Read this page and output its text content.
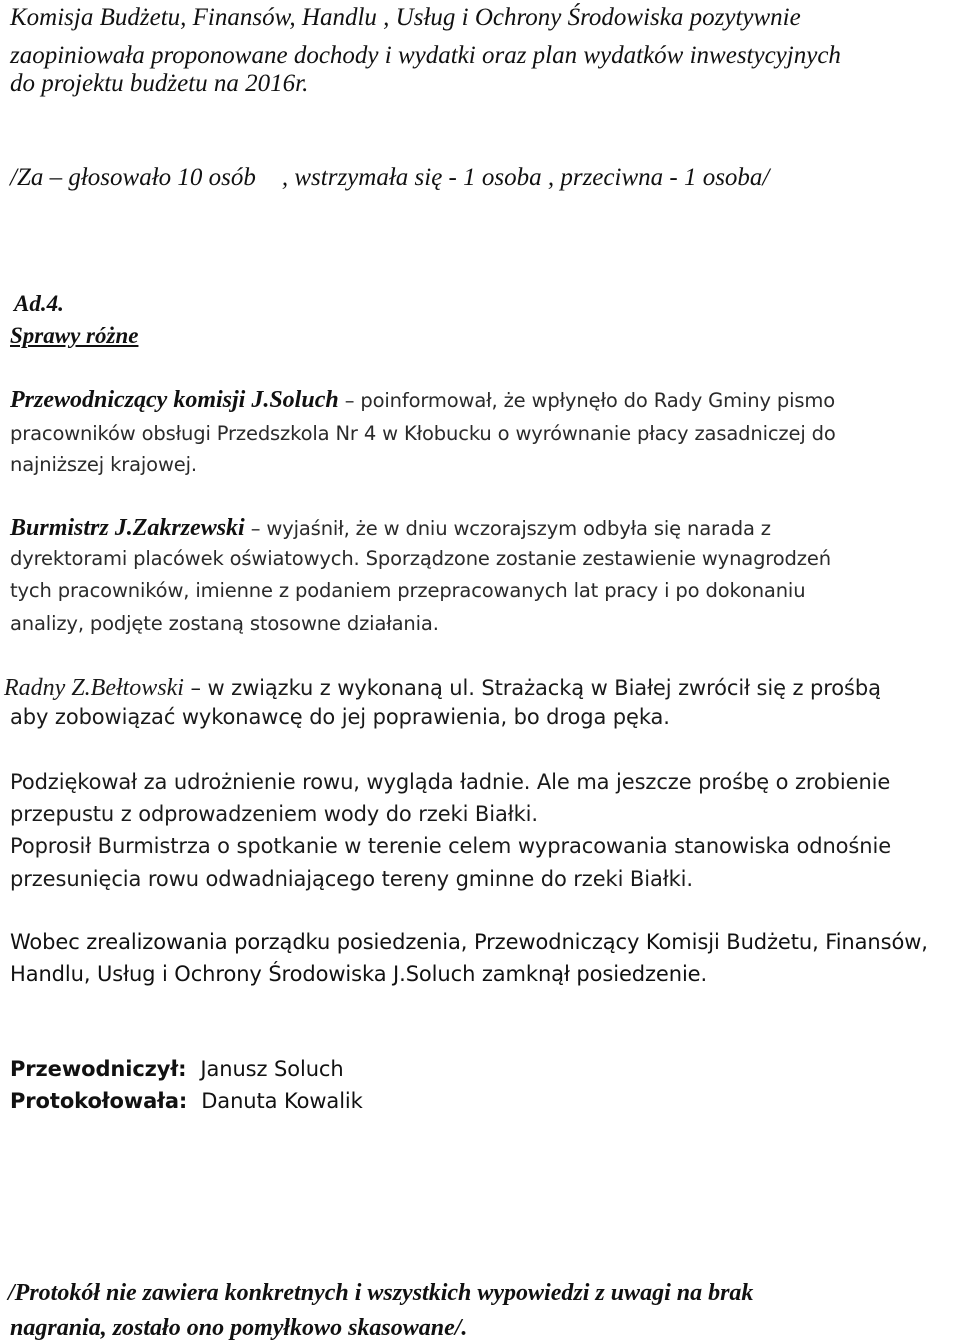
Komisja Budżetu, Finansów, Handlu , Usług i Ochrony Środowiska pozytywnie
zaopiniowała proponowane dochody i wydatki oraz plan wydatków inwestycyjnych
do projektu budżetu na 2016r.
/Za – głosowało 10 osób , wstrzymała się - 1 osoba , przeciwna - 1 osoba/
Ad.4.
Sprawy różne
Przewodniczący komisji J.Soluch – poinformował, że wpłynęło do Rady Gminy pismo
pracowników obsługi Przedszkola Nr 4 w Kłobucku o wyrównanie płacy zasadniczej do
najniższej krajowej.
Burmistrz J.Zakrzewski – wyjaśnił, że w dniu wczorajszym odbyła się narada z
dyrektorami placówek oświatowych. Sporządzone zostanie zestawienie wynagrodzeń
tych pracowników, imienne z podaniem przepracowanych lat pracy i po dokonaniu
analizy, podjęte zostaną stosowne działania.
Radny Z.Bełtowski – w związku z wykonaną ul. Strażacką w Białej zwrócił się z prośbą
aby zobowiązać wykonawcę do jej poprawienia, bo droga pęka.
Podziękował za udrożnienie rowu, wygląda ładnie. Ale ma jeszcze prośbę o zrobienie
przepustu z odprowadzeniem wody do rzeki Białki.
Poprosił Burmistrza o spotkanie w terenie celem wypracowania stanowiska odnośnie
przesunięcia rowu odwadniającego tereny gminne do rzeki Białki.
Wobec zrealizowania porządku posiedzenia, Przewodniczący Komisji Budżetu, Finansów,
Handlu, Usług i Ochrony Środowiska J.Soluch zamknął posiedzenie.
Przewodniczył: Janusz Soluch
Protokołowała: Danuta Kowalik
/Protokół nie zawiera konkretnych i wszystkich wypowiedzi z uwagi na brak
nagrania, zostało ono pomyłkowo skasowane/.
